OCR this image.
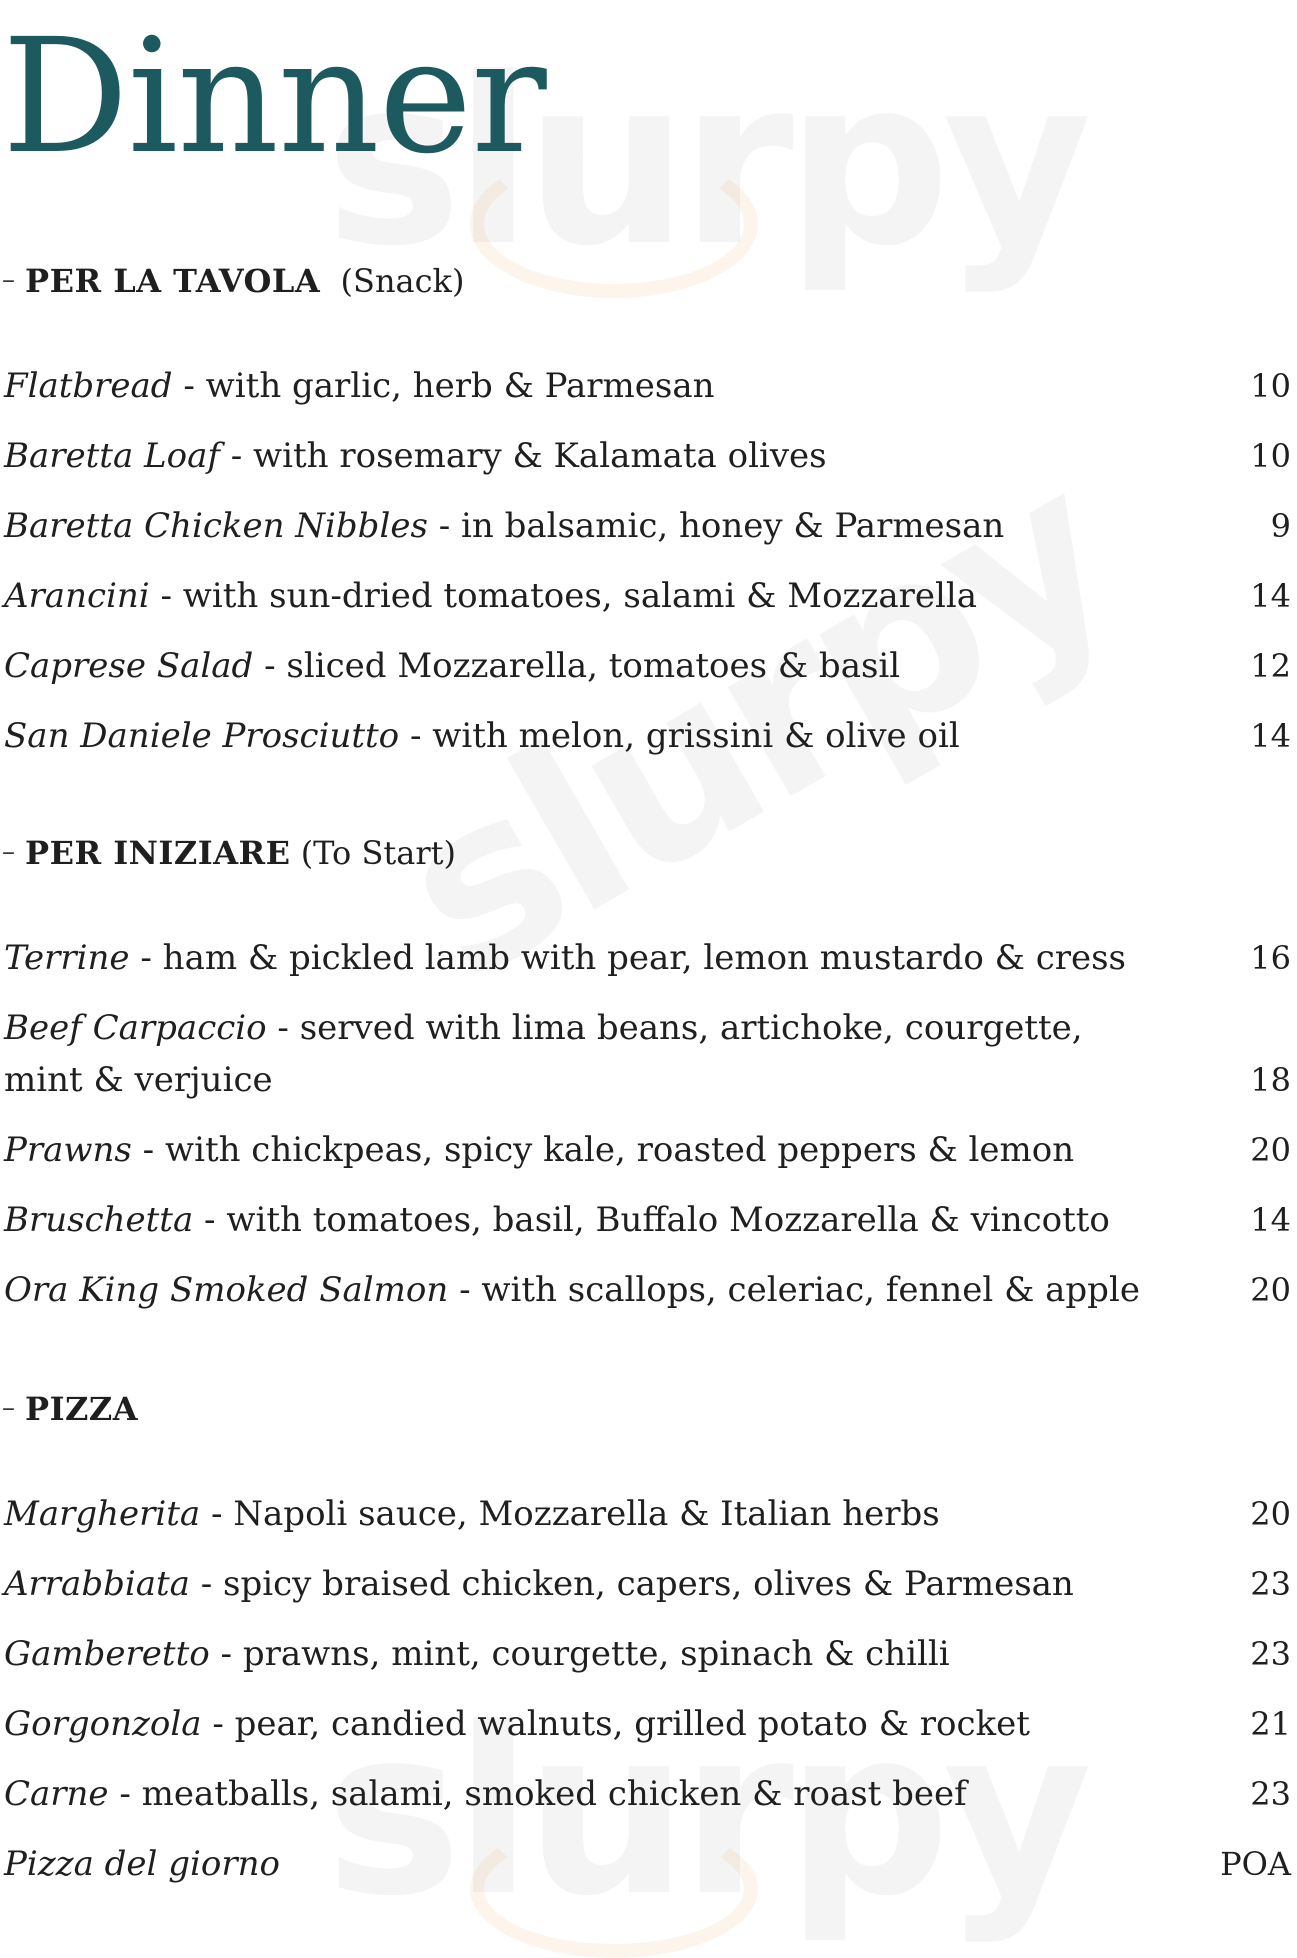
Dinner
– PER LA TAVOLA (Snack)
Flatbread - with garlic, herb & Parmesan	10
Baretta Loaf - with rosemary & Kalamata olives	10
Baretta Chicken Nibbles - in balsamic, honey & Parmesan	9
Arancini - with sun-dried tomatoes, salami & Mozzarella	14
Caprese Salad - sliced Mozzarella, tomatoes & basil	12
San Daniele Prosciutto - with melon, grissini & olive oil	14
– PER INIZIARE (To Start)
Terrine - ham & pickled lamb with pear, lemon mustardo & cress	16
Beef Carpaccio - served with lima beans, artichoke, courgette,
mint & verjuice	18
Prawns - with chickpeas, spicy kale, roasted peppers & lemon	20
Bruschetta - with tomatoes, basil, Buffalo Mozzarella & vincotto	14
Ora King Smoked Salmon - with scallops, celeriac, fennel & apple	20
– PIZZA
Margherita - Napoli sauce, Mozzarella & Italian herbs	20
Arrabbiata - spicy braised chicken, capers, olives & Parmesan	23
Gamberetto - prawns, mint, courgette, spinach & chilli	23
Gorgonzola - pear, candied walnuts, grilled potato & rocket	21
Carne - meatballs, salami, smoked chicken & roast beef	23
Pizza del giorno	POA
